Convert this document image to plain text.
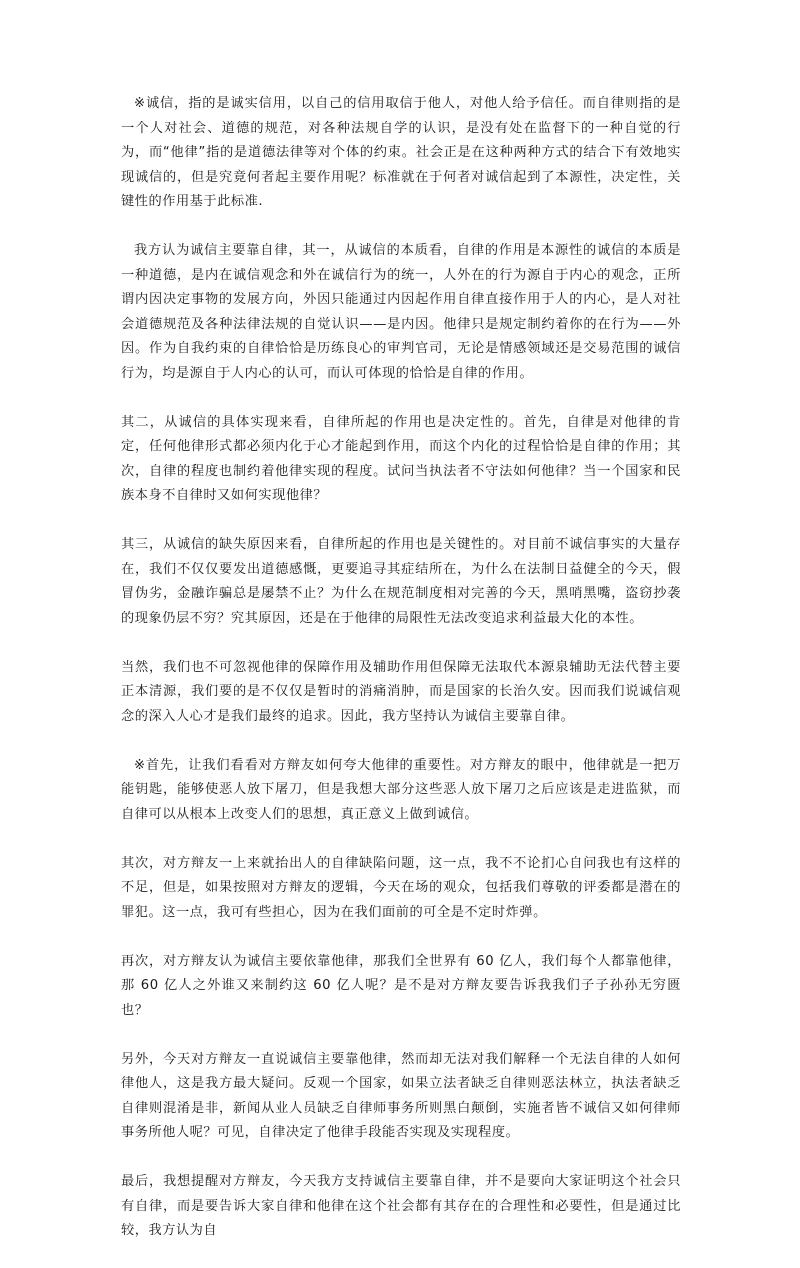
※诚信，指的是诚实信用，以自己的信用取信于他人，对他人给予信任。而自律则指的是一个人对社会、道德的规范，对各种法规自学的认识，是没有处在监督下的一种自觉的行为，而“他律”指的是道德法律等对个体的约束。社会正是在这种两种方式的结合下有效地实现诚信的，但是究竟何者起主要作用呢？标准就在于何者对诚信起到了本源性，决定性，关键性的作用基于此标准.

我方认为诚信主要靠自律，其一，从诚信的本质看，自律的作用是本源性的诚信的本质是一种道德，是内在诚信观念和外在诚信行为的统一，人外在的行为源自于内心的观念，正所谓内因决定事物的发展方向，外因只能通过内因起作用自律直接作用于人的内心，是人对社会道德规范及各种法律法规的自觉认识——是内因。他律只是规定制约着你的在行为——外因。作为自我约束的自律恰恰是历练良心的审判官司，无论是情感领域还是交易范围的诚信行为，均是源自于人内心的认可，而认可体现的恰恰是自律的作用。

其二，从诚信的具体实现来看，自律所起的作用也是决定性的。首先，自律是对他律的肯定，任何他律形式都必须内化于心才能起到作用，而这个内化的过程恰恰是自律的作用；其次，自律的程度也制约着他律实现的程度。试问当执法者不守法如何他律？当一个国家和民族本身不自律时又如何实现他律？

其三，从诚信的缺失原因来看，自律所起的作用也是关键性的。对目前不诚信事实的大量存在，我们不仅仅要发出道德感慨，更要追寻其症结所在，为什么在法制日益健全的今天，假冒伪劣，金融诈骗总是屡禁不止？为什么在规范制度相对完善的今天，黑哨黑嘴，盗窃抄袭的现象仍层不穷？究其原因，还是在于他律的局限性无法改变追求利益最大化的本性。

当然，我们也不可忽视他律的保障作用及辅助作用但保障无法取代本源泉辅助无法代替主要正本清源，我们要的是不仅仅是暂时的消痛消肿，而是国家的长治久安。因而我们说诚信观念的深入人心才是我们最终的追求。因此，我方坚持认为诚信主要靠自律。

※首先，让我们看看对方辩友如何夸大他律的重要性。对方辩友的眼中，他律就是一把万能钥匙，能够使恶人放下屠刀，但是我想大部分这些恶人放下屠刀之后应该是走进监狱，而自律可以从根本上改变人们的思想，真正意义上做到诚信。

其次，对方辩友一上来就抬出人的自律缺陷问题，这一点，我不不论扪心自问我也有这样的不足，但是，如果按照对方辩友的逻辑，今天在场的观众，包括我们尊敬的评委都是潜在的罪犯。这一点，我可有些担心，因为在我们面前的可全是不定时炸弹。

再次，对方辩友认为诚信主要依靠他律，那我们全世界有 60 亿人，我们每个人都靠他律，那 60 亿人之外谁又来制约这 60 亿人呢？是不是对方辩友要告诉我我们子子孙孙无穷匮也？

另外，今天对方辩友一直说诚信主要靠他律，然而却无法对我们解释一个无法自律的人如何律他人，这是我方最大疑问。反观一个国家，如果立法者缺乏自律则恶法林立，执法者缺乏自律则混淆是非，新闻从业人员缺乏自律师事务所则黑白颠倒，实施者皆不诚信又如何律师事务所他人呢？可见，自律决定了他律手段能否实现及实现程度。

最后，我想提醒对方辩友，今天我方支持诚信主要靠自律，并不是要向大家证明这个社会只有自律，而是要告诉大家自律和他律在这个社会都有其存在的合理性和必要性，但是通过比较，我方认为自
